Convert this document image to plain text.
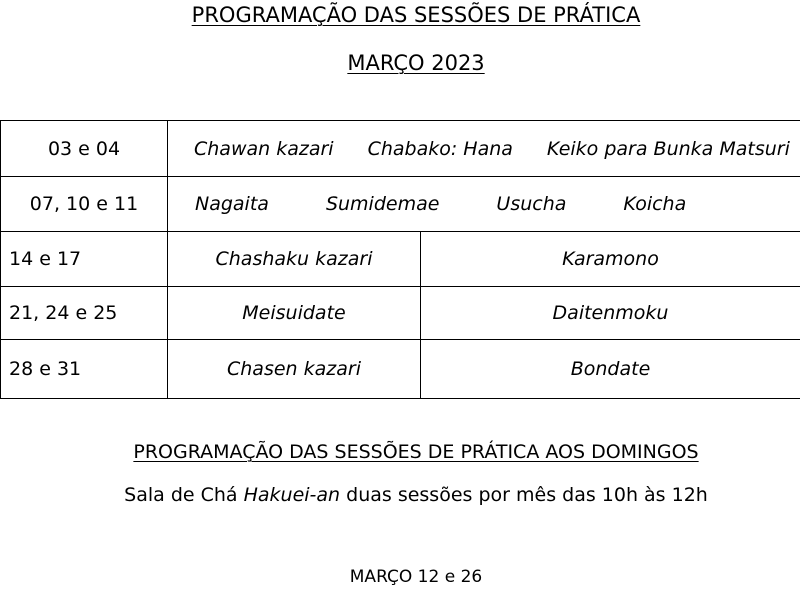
PROGRAMAÇÃO DAS SESSÕES DE PRÁTICA
MARÇO 2023
03 e 04	Chawan kazari Chabako: Hana Keiko para Bunka Matsuri	
07, 10 e 11	Nagaita Sumidemae Usucha Koicha	
14 e 17	Chashaku kazari	Karamono
21, 24 e 25	Meisuidate	Daitenmoku
28 e 31	Chasen kazari	Bondate
PROGRAMAÇÃO DAS SESSÕES DE PRÁTICA AOS DOMINGOS
Sala de Chá Hakuei-an duas sessões por mês das 10h às 12h
MARÇO 12 e 26
